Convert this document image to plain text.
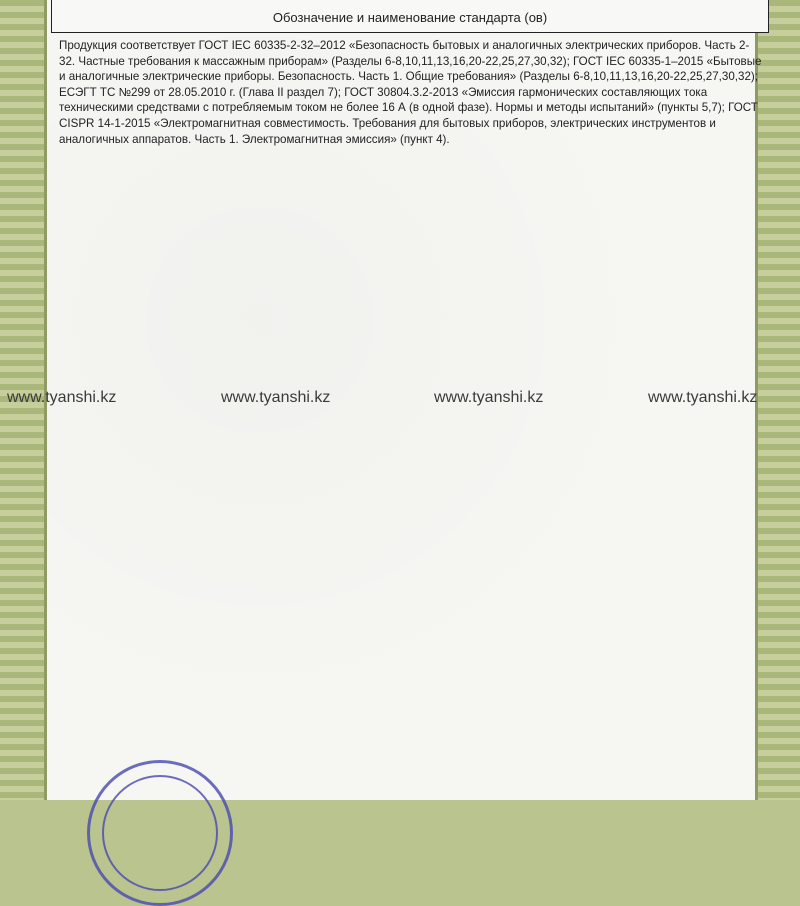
Обозначение и наименование стандарта (ов)

Продукция соответствует ГОСТ IEC 60335-2-32–2012 «Безопасность бытовых и аналогичных электрических приборов. Часть 2-32. Частные требования к массажным приборам» (Разделы 6-8,10,11,13,16,20-22,25,27,30,32); ГОСТ IEC 60335-1–2015 «Бытовые и аналогичные электрические приборы. Безопасность. Часть 1. Общие требования» (Разделы 6-8,10,11,13,16,20-22,25,27,30,32); ЕСЭГТ ТС №299 от 28.05.2010 г. (Глава II раздел 7); ГОСТ 30804.3.2-2013 «Эмиссия гармонических составляющих тока техническими средствами с потребляемым током не более 16 А (в одной фазе). Нормы и методы испытаний» (пункты 5,7); ГОСТ CISPR 14-1-2015 «Электромагнитная совместимость. Требования для бытовых приборов, электрических инструментов и аналогичных аппаратов. Часть 1. Электромагнитная эмиссия» (пункт 4).

www.tyanshi.kz	www.tyanshi.kz	www.tyanshi.kz	www.tyanshi.kz
